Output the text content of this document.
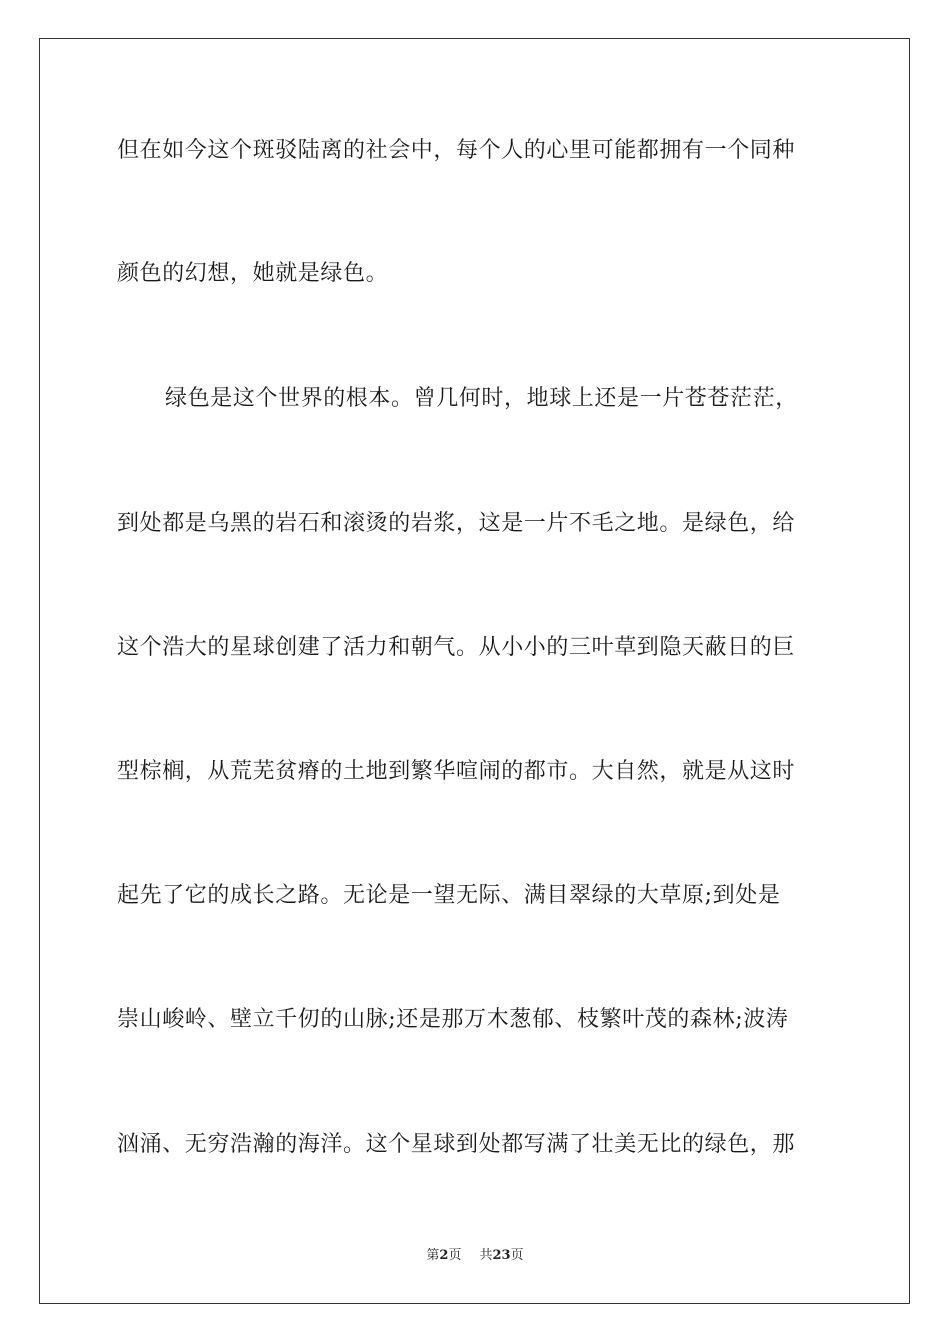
但在如今这个斑驳陆离的社会中，每个人的心里可能都拥有一个同种
颜色的幻想，她就是绿色。
绿色是这个世界的根本。曾几何时，地球上还是一片苍苍茫茫，
到处都是乌黑的岩石和滚烫的岩浆，这是一片不毛之地。是绿色，给
这个浩大的星球创建了活力和朝气。从小小的三叶草到隐天蔽日的巨
型棕榈，从荒芜贫瘠的土地到繁华喧闹的都市。大自然，就是从这时
起先了它的成长之路。无论是一望无际、满目翠绿的大草原;到处是
崇山峻岭、壁立千仞的山脉;还是那万木葱郁、枝繁叶茂的森林;波涛
汹涌、无穷浩瀚的海洋。这个星球到处都写满了壮美无比的绿色，那
第2页 共23页
